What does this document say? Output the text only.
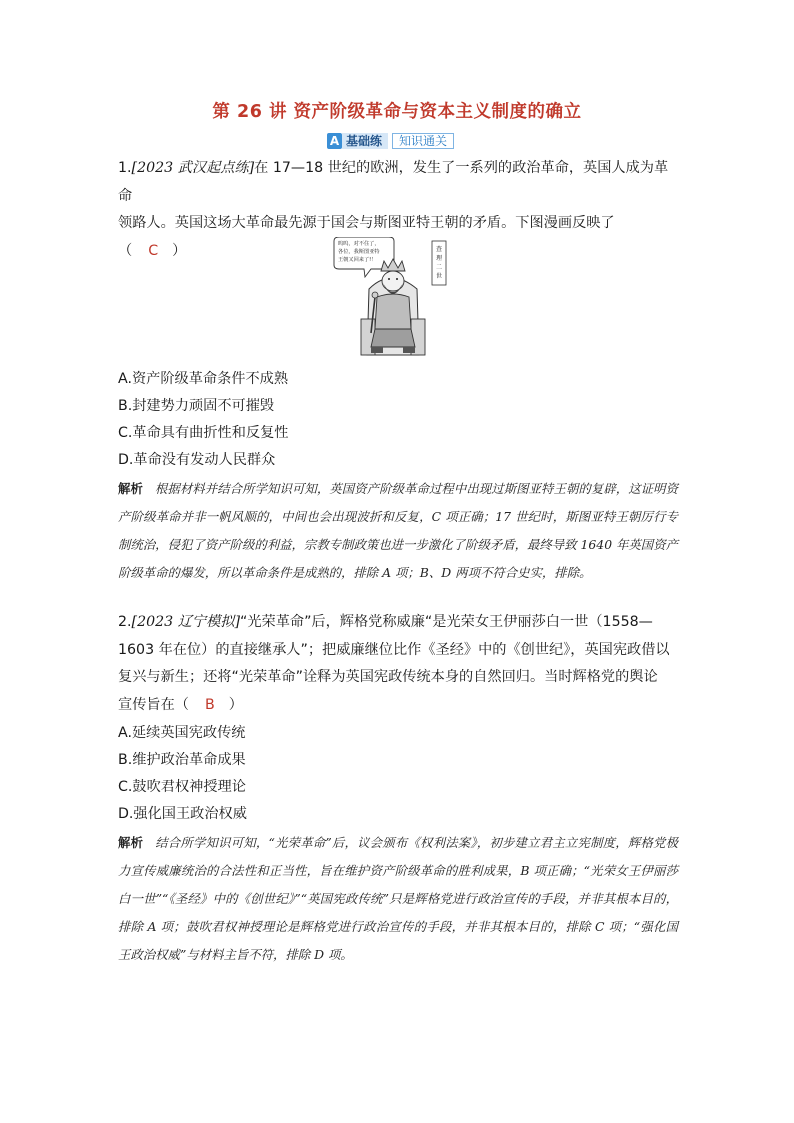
第 26 讲 资产阶级革命与资本主义制度的确立
A 基础练	知识通关
1.[2023 武汉起点练]在 17—18 世纪的欧洲，发生了一系列的政治革命，英国人成为革命
领路人。英国这场大革命最先源于国会与斯图亚特王朝的矛盾。下图漫画反映了
（ C ）	呜呜，对不住了， 各位，我斯图亚特 王朝又回来了!！
查理二世
A.资产阶级革命条件不成熟
B.封建势力顽固不可摧毁
C.革命具有曲折性和反复性
D.革命没有发动人民群众
解析 根据材料并结合所学知识可知，英国资产阶级革命过程中出现过斯图亚特王朝的复辟，这证明资产阶级革命并非一帆风顺的，中间也会出现波折和反复，C 项正确；17 世纪时，斯图亚特王朝厉行专制统治，侵犯了资产阶级的利益，宗教专制政策也进一步激化了阶级矛盾，最终导致 1640 年英国资产阶级革命的爆发，所以革命条件是成熟的，排除 A 项；B、D 两项不符合史实，排除。
2.[2023 辽宁模拟]“光荣革命”后，辉格党称威廉“是光荣女王伊丽莎白一世（1558—
1603 年在位）的直接继承人”；把威廉继位比作《圣经》中的《创世纪》，英国宪政借以
复兴与新生；还将“光荣革命”诠释为英国宪政传统本身的自然回归。当时辉格党的舆论
宣传旨在（ B ）
A.延续英国宪政传统
B.维护政治革命成果
C.鼓吹君权神授理论
D.强化国王政治权威
解析 结合所学知识可知，“光荣革命”后，议会颁布《权利法案》，初步建立君主立宪制度，辉格党极力宣传威廉统治的合法性和正当性，旨在维护资产阶级革命的胜利成果，B 项正确；“光荣女王伊丽莎白一世”“《圣经》中的《创世纪》”“英国宪政传统”只是辉格党进行政治宣传的手段，并非其根本目的，排除 A 项；鼓吹君权神授理论是辉格党进行政治宣传的手段，并非其根本目的，排除 C 项；“强化国王政治权威”与材料主旨不符，排除 D 项。
